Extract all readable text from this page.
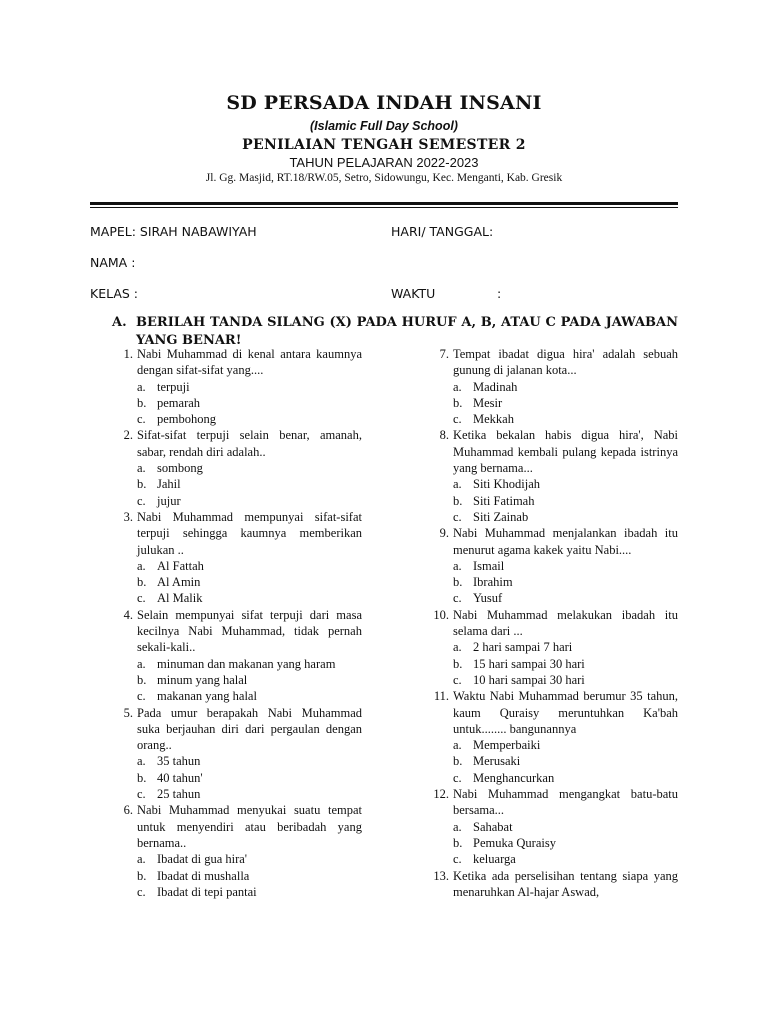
SD PERSADA INDAH INSANI
(Islamic Full Day School)
PENILAIAN TENGAH SEMESTER 2
TAHUN PELAJARAN 2022-2023
Jl. Gg. Masjid, RT.18/RW.05, Setro, Sidowungu, Kec. Menganti, Kab. Gresik
MAPEL: SIRAH NABAWIYAH	HARI/ TANGGAL:
NAMA :
KELAS :	WAKTU	:
A. BERILAH TANDA SILANG (X) PADA HURUF A, B, ATAU C PADA JAWABAN YANG BENAR!
1. Nabi Muhammad di kenal antara kaumnya dengan sifat-sifat yang....
a. terpuji
b. pemarah
c. pembohong
2. Sifat-sifat terpuji selain benar, amanah, sabar, rendah diri adalah..
a. sombong
b. Jahil
c. jujur
3. Nabi Muhammad mempunyai sifat-sifat terpuji sehingga kaumnya memberikan julukan ..
a. Al Fattah
b. Al Amin
c. Al Malik
4. Selain mempunyai sifat terpuji dari masa kecilnya Nabi Muhammad, tidak pernah sekali-kali..
a. minuman dan makanan yang haram
b. minum yang halal
c. makanan yang halal
5. Pada umur berapakah Nabi Muhammad suka berjauhan diri dari pergaulan dengan orang..
a. 35 tahun
b. 40 tahun'
c. 25 tahun
6. Nabi Muhammad menyukai suatu tempat untuk menyendiri atau beribadah yang bernama..
a. Ibadat di gua hira'
b. Ibadat di mushalla
c. Ibadat di tepi pantai
7. Tempat ibadat digua hira' adalah sebuah gunung di jalanan kota...
a. Madinah
b. Mesir
c. Mekkah
8. Ketika bekalan habis digua hira', Nabi Muhammad kembali pulang kepada istrinya yang bernama...
a. Siti Khodijah
b. Siti Fatimah
c. Siti Zainab
9. Nabi Muhammad menjalankan ibadah itu menurut agama kakek yaitu Nabi....
a. Ismail
b. Ibrahim
c. Yusuf
10. Nabi Muhammad melakukan ibadah itu selama dari ...
a. 2 hari sampai 7 hari
b. 15 hari sampai 30 hari
c. 10 hari sampai 30 hari
11. Waktu Nabi Muhammad berumur 35 tahun, kaum Quraisy meruntuhkan Ka'bah untuk........ bangunannya
a. Memperbaiki
b. Merusaki
c. Menghancurkan
12. Nabi Muhammad mengangkat batu-batu bersama...
a. Sahabat
b. Pemuka Quraisy
c. keluarga
13. Ketika ada perselisihan tentang siapa yang menaruhkan Al-hajar Aswad,
